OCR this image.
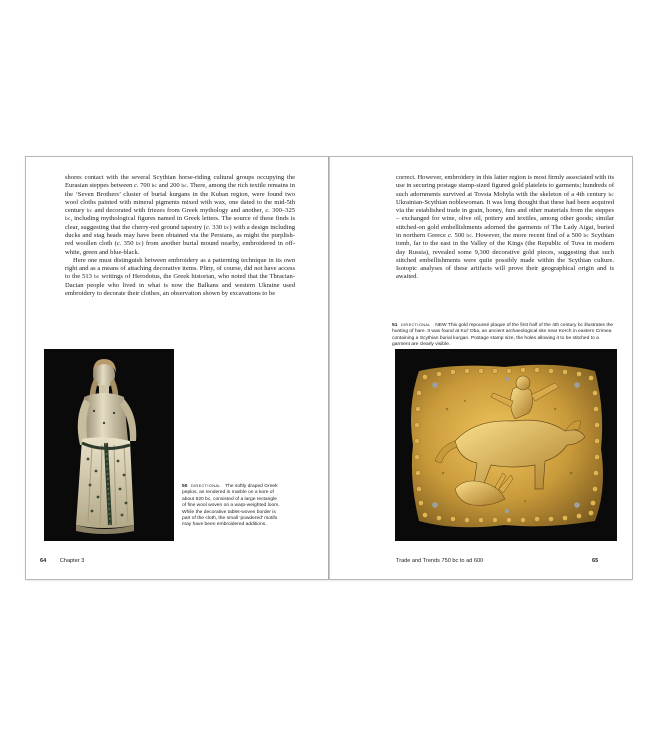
shores contact with the several Scythian horse-riding cultural groups occupying the Eurasian steppes between c. 700 bc and 200 bc. There, among the rich textile remains in the ‘Seven Brothers’ cluster of burial kurgans in the Kuban region, were found two wool cloths painted with mineral pigments mixed with wax, one dated to the mid-5th century bc and decorated with friezes from Greek mythology and another, c. 300–325 bc, including mythological figures named in Greek letters. The source of these finds is clear, suggesting that the cherry-red ground tapestry (c. 330 bc) with a design including ducks and stag heads may have been obtained via the Persians, as might the purplish-red woollen cloth (c. 350 bc) from another burial mound nearby, embroidered in off-white, green and blue-black.

Here one must distinguish between embroidery as a patterning technique in its own right and as a means of attaching decorative items. Pliny, of course, did not have access to the 513 bc writings of Herodotus, the Greek historian, who noted that the Thracian-Dacian people who lived in what is now the Balkans and western Ukraine used embroidery to decorate their clothes, an observation shown by excavations to be

50 DIRECTIONAL The softly draped Greek peplos, as rendered in marble on a kore of about 520 bc, consisted of a large rectangle of fine wool woven on a warp-weighted loom. While the decorative tablet-woven border is part of the cloth, the small ‘powdered’ motifs may have been embroidered additions.
64 Chapter 3

correct. However, embroidery in this latter region is most firmly associated with its use in securing postage stamp-sized figured gold platelets to garments; hundreds of such adornments survived at Tovsta Mohyla with the skeleton of a 4th century bc Ukrainian-Scythian noblewoman. It was long thought that these had been acquired via the established trade in grain, honey, furs and other materials from the steppes – exchanged for wine, olive oil, pottery and textiles, among other goods; similar stitched-on gold embellishments adorned the garments of The Lady Aigai, buried in northern Greece c. 500 bc. However, the more recent find of a 500 bc Scythian tomb, far to the east in the Valley of the Kings (the Republic of Tuva in modern day Russia), revealed some 9,300 decorative gold pieces, suggesting that such stitched embellishments were quite possibly made within the Scythian culture. Isotopic analyses of these artifacts will prove their geographical origin and is awaited.

51 DIRECTIONAL NEW This gold repoussé plaque of the first half of the 4th century bc illustrates the hunting of hare. It was found at Kul’ Oba, an ancient archaeological site near Kerch in eastern Crimea containing a Scythian burial kurgan. Postage stamp size, the holes allowing it to be stitched to a garment are clearly visible.
Trade and Trends 750 bc to ad 600	65
